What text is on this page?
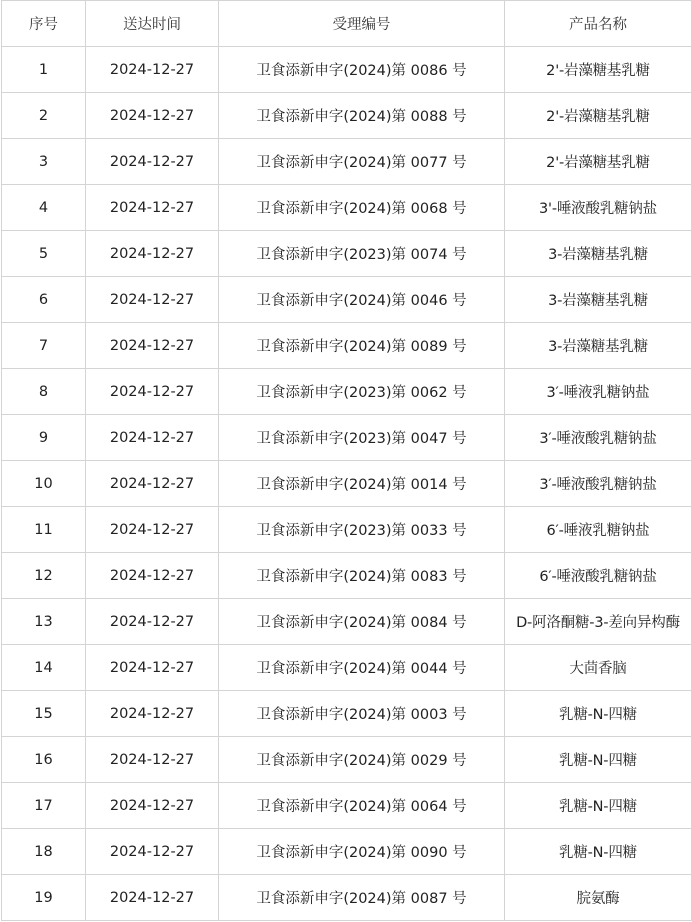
序号	送达时间	受理编号	产品名称
1	2024-12-27	卫食添新申字(2024)第 0086 号	2'-岩藻糖基乳糖
2	2024-12-27	卫食添新申字(2024)第 0088 号	2'-岩藻糖基乳糖
3	2024-12-27	卫食添新申字(2024)第 0077 号	2'-岩藻糖基乳糖
4	2024-12-27	卫食添新申字(2024)第 0068 号	3'-唾液酸乳糖钠盐
5	2024-12-27	卫食添新申字(2023)第 0074 号	3-岩藻糖基乳糖
6	2024-12-27	卫食添新申字(2024)第 0046 号	3-岩藻糖基乳糖
7	2024-12-27	卫食添新申字(2024)第 0089 号	3-岩藻糖基乳糖
8	2024-12-27	卫食添新申字(2023)第 0062 号	3′-唾液乳糖钠盐
9	2024-12-27	卫食添新申字(2023)第 0047 号	3′-唾液酸乳糖钠盐
10	2024-12-27	卫食添新申字(2024)第 0014 号	3′-唾液酸乳糖钠盐
11	2024-12-27	卫食添新申字(2023)第 0033 号	6′-唾液乳糖钠盐
12	2024-12-27	卫食添新申字(2024)第 0083 号	6′-唾液酸乳糖钠盐
13	2024-12-27	卫食添新申字(2024)第 0084 号	D-阿洛酮糖-3-差向异构酶
14	2024-12-27	卫食添新申字(2024)第 0044 号	大茴香脑
15	2024-12-27	卫食添新申字(2024)第 0003 号	乳糖-N-四糖
16	2024-12-27	卫食添新申字(2024)第 0029 号	乳糖-N-四糖
17	2024-12-27	卫食添新申字(2024)第 0064 号	乳糖-N-四糖
18	2024-12-27	卫食添新申字(2024)第 0090 号	乳糖-N-四糖
19	2024-12-27	卫食添新申字(2024)第 0087 号	脘氨酶
